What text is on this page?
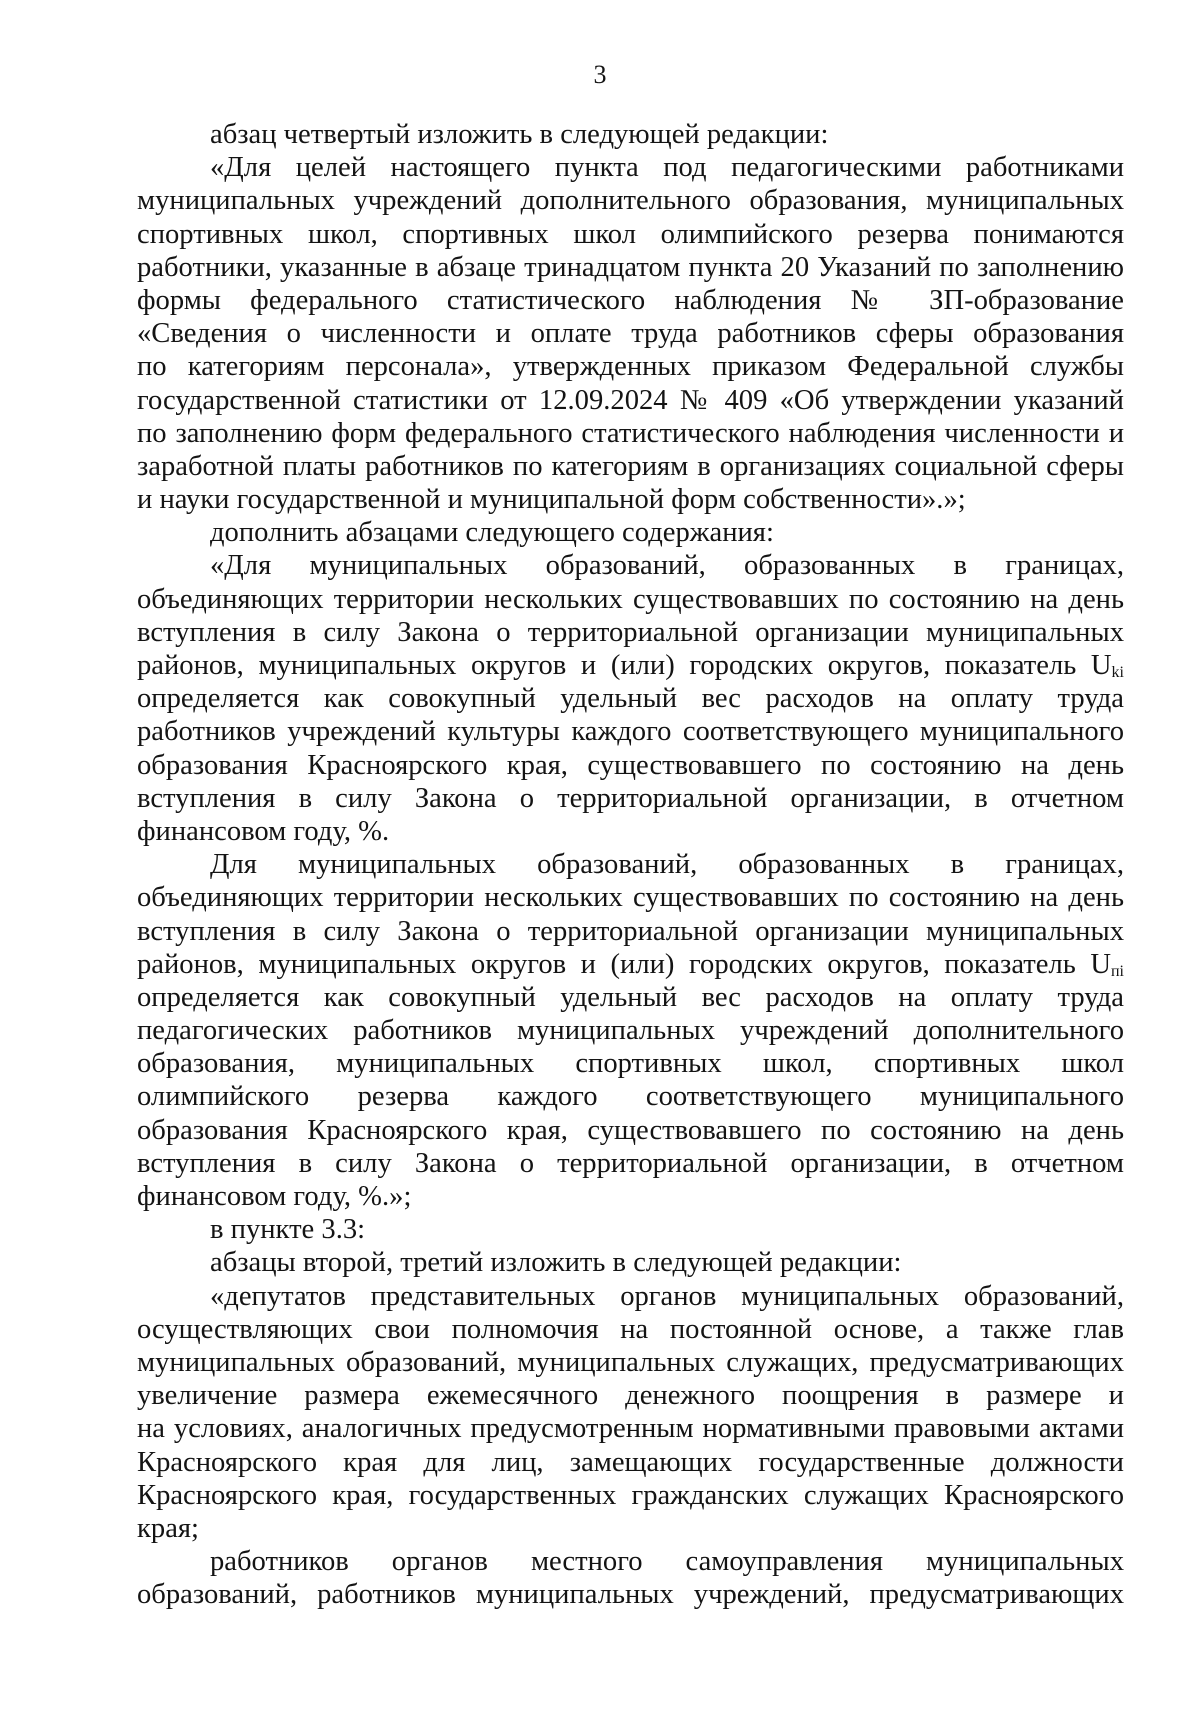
3
абзац четвертый изложить в следующей редакции:
«Для целей настоящего пункта под педагогическими работниками
муниципальных учреждений дополнительного образования, муниципальных
спортивных школ, спортивных школ олимпийского резерва понимаются
работники, указанные в абзаце тринадцатом пункта 20 Указаний по заполнению
формы федерального статистического наблюдения № ЗП-образование
«Сведения о численности и оплате труда работников сферы образования
по категориям персонала», утвержденных приказом Федеральной службы
государственной статистики от 12.09.2024 № 409 «Об утверждении указаний
по заполнению форм федерального статистического наблюдения численности и
заработной платы работников по категориям в организациях социальной сферы
и науки государственной и муниципальной форм собственности».»;
дополнить абзацами следующего содержания:
«Для муниципальных образований, образованных в границах,
объединяющих территории нескольких существовавших по состоянию на день
вступления в силу Закона о территориальной организации муниципальных
районов, муниципальных округов и (или) городских округов, показатель $U_{ki}$
определяется как совокупный удельный вес расходов на оплату труда
работников учреждений культуры каждого соответствующего муниципального
образования Красноярского края, существовавшего по состоянию на день
вступления в силу Закона о территориальной организации, в отчетном
финансовом году, %.
Для муниципальных образований, образованных в границах,
объединяющих территории нескольких существовавших по состоянию на день
вступления в силу Закона о территориальной организации муниципальных
районов, муниципальных округов и (или) городских округов, показатель $U_{пi}$
определяется как совокупный удельный вес расходов на оплату труда
педагогических работников муниципальных учреждений дополнительного
образования, муниципальных спортивных школ, спортивных школ
олимпийского резерва каждого соответствующего муниципального
образования Красноярского края, существовавшего по состоянию на день
вступления в силу Закона о территориальной организации, в отчетном
финансовом году, %.»;
в пункте 3.3:
абзацы второй, третий изложить в следующей редакции:
«депутатов представительных органов муниципальных образований,
осуществляющих свои полномочия на постоянной основе, а также глав
муниципальных образований, муниципальных служащих, предусматривающих
увеличение размера ежемесячного денежного поощрения в размере и
на условиях, аналогичных предусмотренным нормативными правовыми актами
Красноярского края для лиц, замещающих государственные должности
Красноярского края, государственных гражданских служащих Красноярского
края;
работников органов местного самоуправления муниципальных
образований, работников муниципальных учреждений, предусматривающих
